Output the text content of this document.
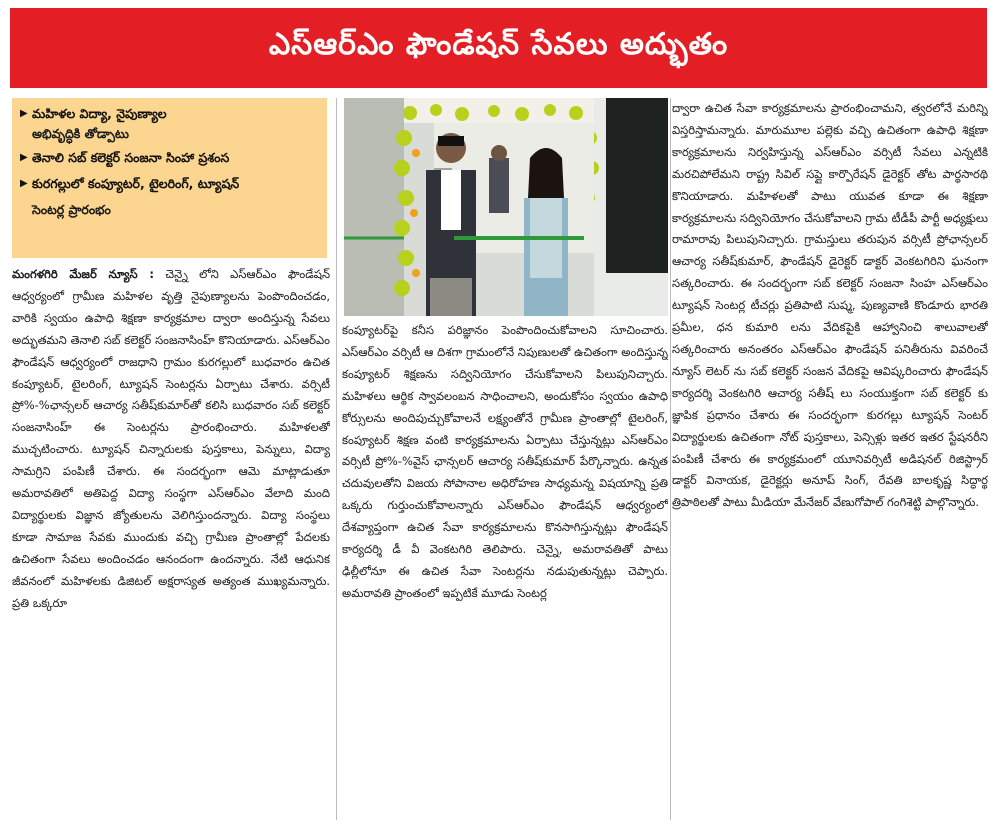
ఎస్‌ఆర్‌ఎం ఫౌండేషన్ సేవలు అద్భుతం
▶ మహిళల విద్యా, నైపుణ్యాల
అభివృద్ధికి తోడ్పాటు
▶ తెనాలి సబ్ కలెక్టర్ సంజనా సింహా ప్రశంస
▶ కురగల్లులో కంప్యూటర్, టైలరింగ్, ట్యూషన్
సెంటర్ల ప్రారంభం

మంగళగిరి మేజర్ న్యూస్ : చెన్నై లోని ఎస్ఆర్ఎం ఫౌండేషన్ ఆధ్వర్యంలో గ్రామీణ మహిళల వృత్తి నైపుణ్యాలను పెంపొందించడం, వారికి స్వయం ఉపాధి శిక్షణా కార్యక్రమాల ద్వారా అందిస్తున్న సేవలు అద్భుతమని తెనాలి సబ్ కలెక్టర్ సంజనాసింహ్ కొనియాడారు. ఎస్ఆర్ఎం ఫౌండేషన్ ఆధ్వర్యంలో రాజధాని గ్రామం కురగల్లులో బుధవారం ఉచిత కంప్యూటర్, టైలరింగ్, ట్యూషన్ సెంటర్లను ఏర్పాటు చేశారు. వర్సిటీ ప్రో%-%ఛాన్సలర్ ఆచార్య సతీష్‌కుమార్‌తో కలిసి బుధవారం సబ్ కలెక్టర్ సంజనాసింహ్ ఈ సెంటర్లను ప్రారంభించారు. మహిళలతో ముచ్చటించారు. ట్యూషన్ చిన్నారులకు పుస్తకాలు, పెన్నులు, విద్యా సామగ్రిని పంపిణీ చేశారు. ఈ సందర్భంగా ఆమె మాట్లాడుతూ అమరావతిలో అతిపెద్ద విద్యా సంస్థగా ఎస్ఆర్ఎం వేలాది మంది విద్యార్థులకు విజ్ఞాన జ్యోతులను వెలిగిస్తుందన్నారు. విద్యా సంస్థలు కూడా సామాజ సేవకు ముందుకు వచ్చి గ్రామీణ ప్రాంతాల్లో పేదలకు ఉచితంగా సేవలు అందించడం ఆనందంగా ఉందన్నారు. నేటి ఆధునిక జీవనంలో మహిళలకు డిజిటల్ అక్షరాస్యత అత్యంత ముఖ్యమన్నారు. ప్రతి ఒక్కరూ

కంప్యూటర్‌పై కనీస పరిజ్ఞానం పెంపొందించుకోవాలని సూచించారు. ఎస్ఆర్ఎం వర్సిటీ ఆ దిశగా గ్రామంలోనే నిపుణులతో ఉచితంగా అందిస్తున్న కంప్యూటర్ శిక్షణను సద్వినియోగం చేసుకోవాలని పిలుపునిచ్చారు. మహిళలు ఆర్థిక స్వావలంబన సాధించాలని, అందుకోసం స్వయం ఉపాధి కోర్సులను అందిపుచ్చుకోవాలనే లక్ష్యంతోనే గ్రామీణ ప్రాంతాల్లో టైలరింగ్, కంప్యూటర్ శిక్షణ వంటి కార్యక్రమాలను ఏర్పాటు చేస్తున్నట్లు ఎస్ఆర్ఎం వర్సిటీ ప్రో%-%వైస్ ఛాన్సలర్ ఆచార్య సతీష్‌కుమార్ పేర్కొన్నారు. ఉన్నత చదువులతోని విజయ సోపానాల అధిరోహణ సాధ్యమన్న విషయాన్ని ప్రతి ఒక్కరు గుర్తుంచుకోవాలన్నారు ఎస్ఆర్ఎం ఫౌండేషన్ ఆధ్వర్యంలో దేశవ్యాప్తంగా ఉచిత సేవా కార్యక్రమాలను కొనసాగిస్తున్నట్లు ఫౌండేషన్ కార్యదర్శి డీ వీ వెంకటగిరి తెలిపారు. చెన్నై, అమరావతితో పాటు ఢిల్లీలోనూ ఈ ఉచిత సేవా సెంటర్లను నడుపుతున్నట్లు చెప్పారు. అమరావతి ప్రాంతంలో ఇప్పటికే మూడు సెంటర్ల

ద్వారా ఉచిత సేవా కార్యక్రమాలను ప్రారంభించామని, త్వరలోనే మరిన్ని విస్తరిస్తామన్నారు. మారుమూల పల్లెకు వచ్చి ఉచితంగా ఉపాధి శిక్షణా కార్యక్రమాలను నిర్వహిస్తున్న ఎస్ఆర్ఎం వర్సిటీ సేవలు ఎన్నటికి మరచిపోలేమని రాష్ట్ర సివిల్ సప్లై కార్పొరేషన్ డైరెక్టర్ తోట పార్థసారథి కొనియాడారు. మహిళలతో పాటు యువత కూడా ఈ శిక్షణా కార్యక్రమాలను సద్వినియోగం చేసుకోవాలని గ్రామ టీడీపీ పార్టీ అధ్యక్షులు రామారావు పిలుపునిచ్చారు. గ్రామస్తులు తరుపున వర్సిటీ ప్రోఛాన్సలర్ ఆచార్య సతీష్‌కుమార్, ఫౌండేషన్ డైరెక్టర్ డాక్టర్ వెంకటగిరిని ఘనంగా సత్కరించారు. ఈ సందర్భంగా సబ్ కలెక్టర్ సంజనా సింహ ఎస్ఆర్ఎం ట్యూషన్ సెంటర్ల టీచర్లు ప్రతిపాటి సుష్మ, పుణ్యవాణి కొండూరు భారతి ప్రమీల, ధన కుమారి లను వేదికపైకి ఆహ్వానించి శాలువాలతో సత్కరించారు అనంతరం ఎస్ఆర్ఎం ఫౌండేషన్ పనితీరును వివరించే న్యూస్ లెటర్ ను సబ్ కలెక్టర్ సంజన వేదికపై ఆవిష్కరించారు ఫౌండేషన్ కార్యదర్శి వెంకటగిరి ఆచార్య సతీష్ లు సంయుక్తంగా సబ్ కలెక్టర్ కు జ్ఞాపిక ప్రధానం చేశారు ఈ సందర్భంగా కురగల్లు ట్యూషన్ సెంటర్ విద్యార్థులకు ఉచితంగా నోట్ పుస్తకాలు, పెన్సిళ్లు ఇతర ఇతర స్టేషనరీని పంపిణీ చేశారు ఈ కార్యక్రమంలో యూనివర్సిటీ అడిషనల్ రిజిస్ట్రార్ డాక్టర్ వినాయక, డైరెక్టర్లు అనూప్ సింగ్, రేవతి బాలకృష్ణ సిద్ధార్థ త్రిపాఠిలతో పాటు మీడియా మేనేజర్ వేణుగోపాల్ గంగిశెట్టి పాల్గొన్నారు.
